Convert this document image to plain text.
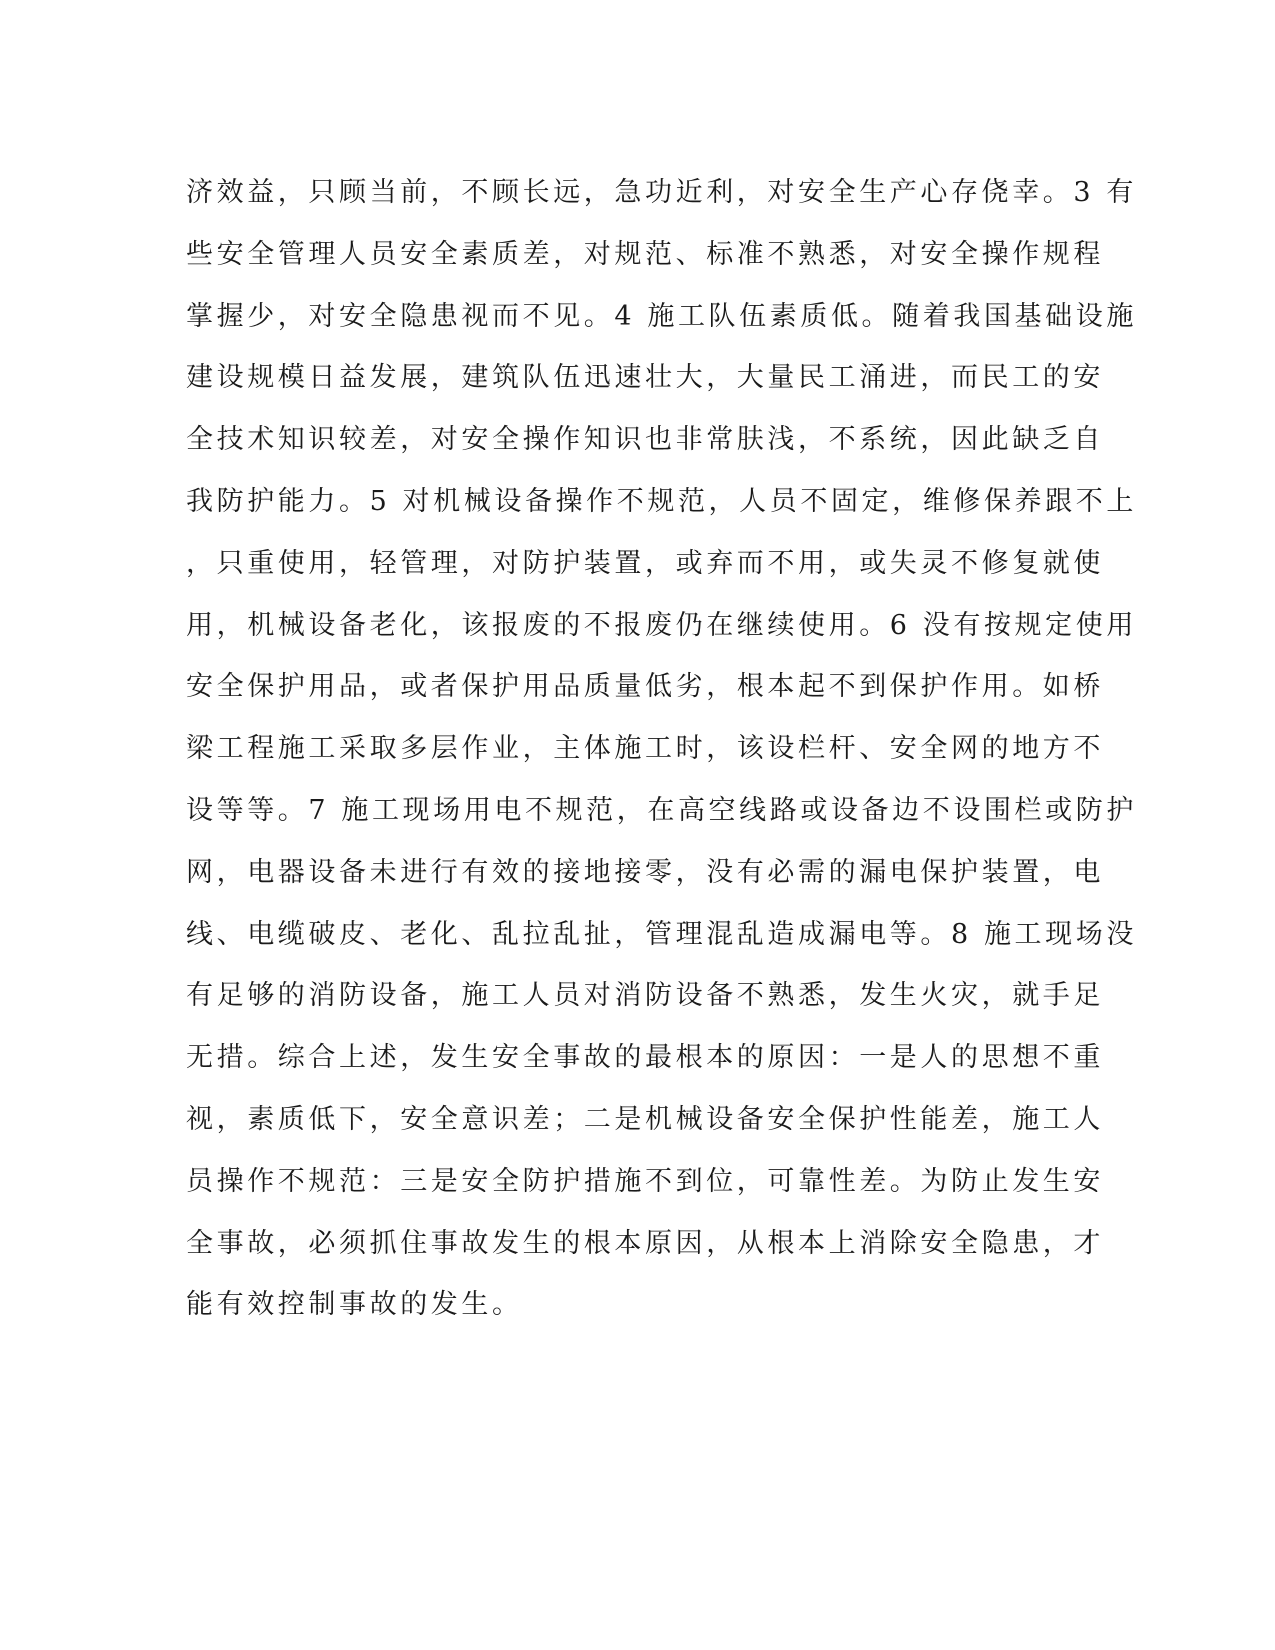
济效益，只顾当前，不顾长远，急功近利，对安全生产心存侥幸。3 有
些安全管理人员安全素质差，对规范、标准不熟悉，对安全操作规程
掌握少，对安全隐患视而不见。4 施工队伍素质低。随着我国基础设施
建设规模日益发展，建筑队伍迅速壮大，大量民工涌进，而民工的安
全技术知识较差，对安全操作知识也非常肤浅，不系统，因此缺乏自
我防护能力。5 对机械设备操作不规范，人员不固定，维修保养跟不上
，只重使用，轻管理，对防护装置，或弃而不用，或失灵不修复就使
用，机械设备老化，该报废的不报废仍在继续使用。6 没有按规定使用
安全保护用品，或者保护用品质量低劣，根本起不到保护作用。如桥
梁工程施工采取多层作业，主体施工时，该设栏杆、安全网的地方不
设等等。7 施工现场用电不规范，在高空线路或设备边不设围栏或防护
网，电器设备未进行有效的接地接零，没有必需的漏电保护装置，电
线、电缆破皮、老化、乱拉乱扯，管理混乱造成漏电等。8 施工现场没
有足够的消防设备，施工人员对消防设备不熟悉，发生火灾，就手足
无措。综合上述，发生安全事故的最根本的原因：一是人的思想不重
视，素质低下，安全意识差；二是机械设备安全保护性能差，施工人
员操作不规范：三是安全防护措施不到位，可靠性差。为防止发生安
全事故，必须抓住事故发生的根本原因，从根本上消除安全隐患，才
能有效控制事故的发生。
